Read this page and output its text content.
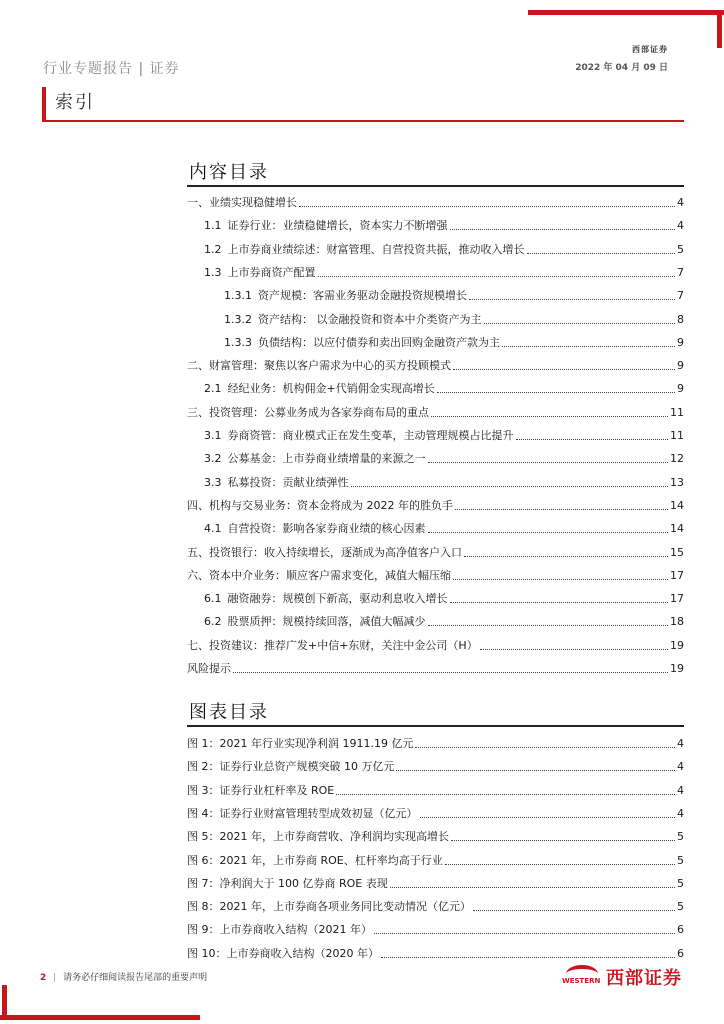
西部证券
2022 年 04 月 09 日
行业专题报告 | 证券
索引
内容目录
一、业绩实现稳健增长	4
1.1 证券行业：业绩稳健增长，资本实力不断增强	4
1.2 上市券商业绩综述：财富管理、自营投资共振，推动收入增长	5
1.3 上市券商资产配置	7
1.3.1 资产规模：客需业务驱动金融投资规模增长	7
1.3.2 资产结构： 以金融投资和资本中介类资产为主	8
1.3.3 负债结构：以应付债券和卖出回购金融资产款为主	9
二、财富管理：聚焦以客户需求为中心的买方投顾模式	9
2.1 经纪业务：机构佣金+代销佣金实现高增长	9
三、投资管理：公募业务成为各家券商布局的重点	11
3.1 券商资管：商业模式正在发生变革，主动管理规模占比提升	11
3.2 公募基金：上市券商业绩增量的来源之一	12
3.3 私募投资：贡献业绩弹性	13
四、机构与交易业务：资本金将成为 2022 年的胜负手	14
4.1 自营投资：影响各家券商业绩的核心因素	14
五、投资银行：收入持续增长，逐渐成为高净值客户入口	15
六、资本中介业务：顺应客户需求变化，减值大幅压缩	17
6.1 融资融券：规模创下新高，驱动利息收入增长	17
6.2 股票质押：规模持续回落，减值大幅减少	18
七、投资建议：推荐广发+中信+东财，关注中金公司（H）	19
风险提示	19
图表目录
图 1：2021 年行业实现净利润 1911.19 亿元	4
图 2：证券行业总资产规模突破 10 万亿元	4
图 3：证券行业杠杆率及 ROE	4
图 4：证券行业财富管理转型成效初显（亿元）	4
图 5：2021 年，上市券商营收、净利润均实现高增长	5
图 6：2021 年，上市券商 ROE、杠杆率均高于行业	5
图 7：净利润大于 100 亿券商 ROE 表现	5
图 8：2021 年，上市券商各项业务同比变动情况（亿元）	5
图 9：上市券商收入结构（2021 年）	6
图 10：上市券商收入结构（2020 年）	6
2 | 请务必仔细阅读报告尾部的重要声明	WESTERN 西部证券
